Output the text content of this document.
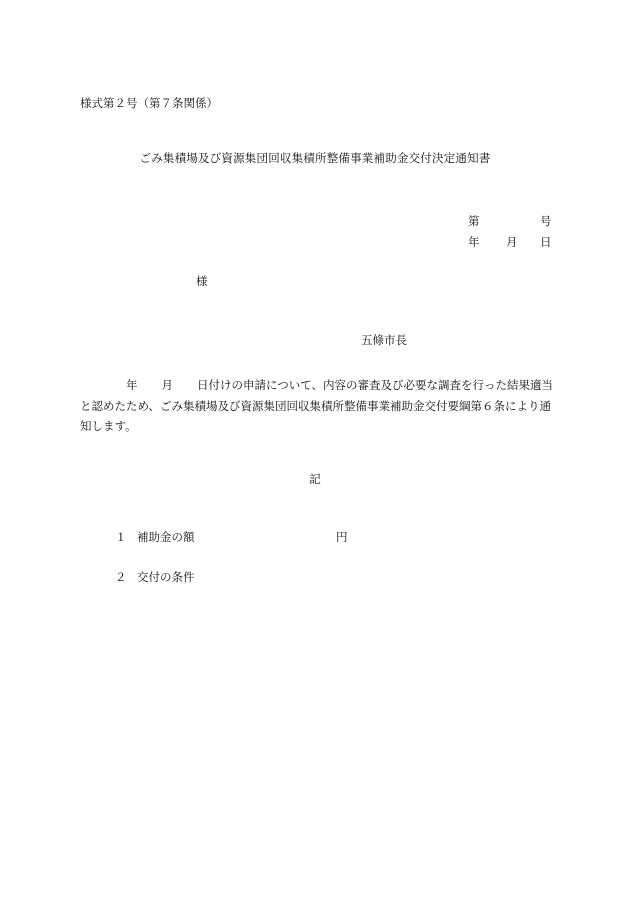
様式第２号（第７条関係）
ごみ集積場及び資源集団回収集積所整備事業補助金交付決定通知書
第	号
年 月 日
様
五條市長
年 月 日付けの申請について、内容の審査及び必要な調査を行った結果適当
と認めたため、ごみ集積場及び資源集団回収集積所整備事業補助金交付要綱第６条により通
知します。
記
１ 補助金の額	円
２ 交付の条件
